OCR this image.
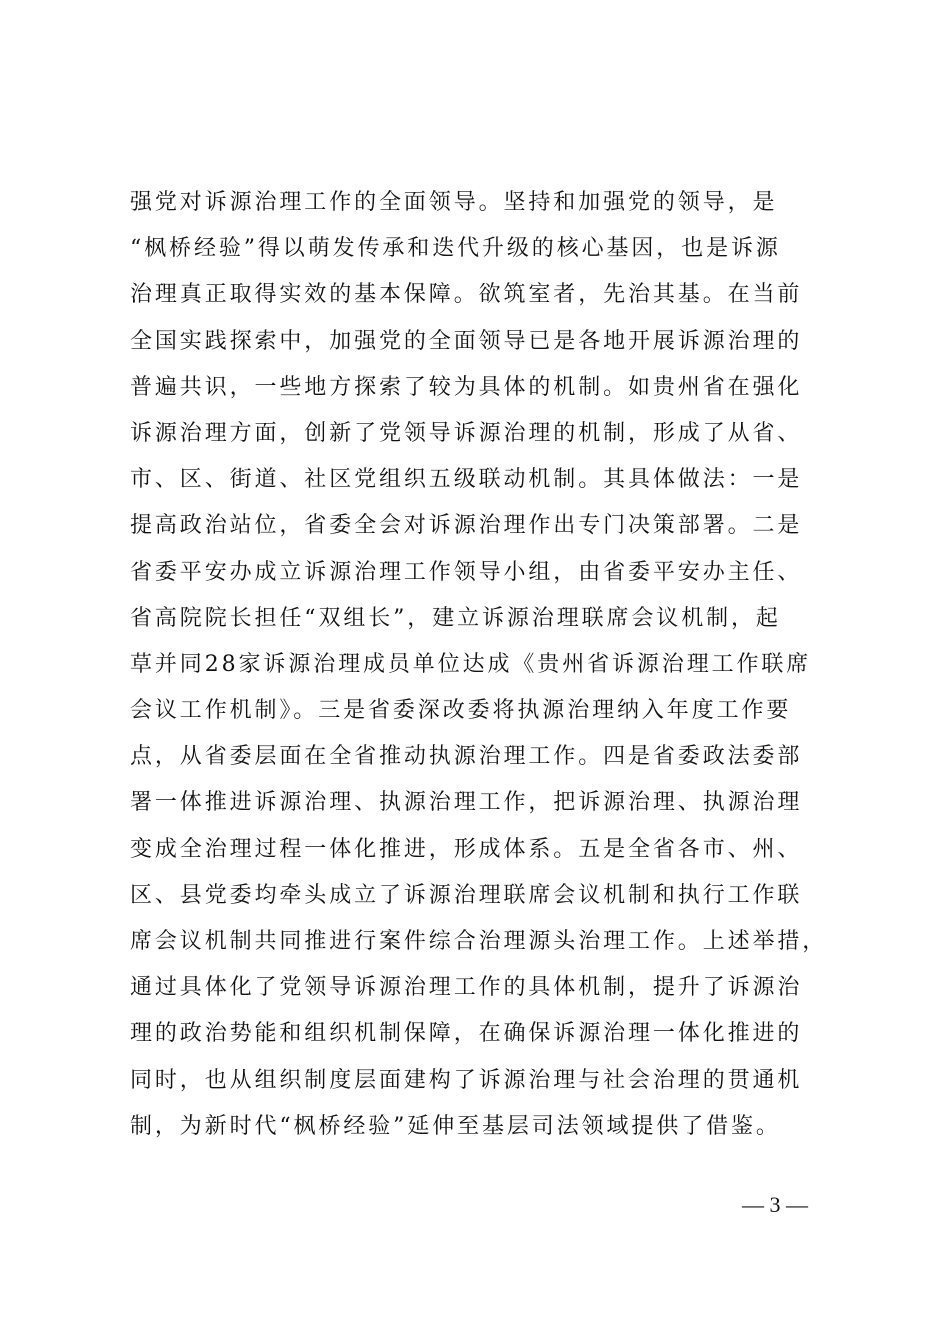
强党对诉源治理工作的全面领导。坚持和加强党的领导，是
“枫桥经验”得以萌发传承和迭代升级的核心基因，也是诉源
治理真正取得实效的基本保障。欲筑室者，先治其基。在当前
全国实践探索中，加强党的全面领导已是各地开展诉源治理的
普遍共识，一些地方探索了较为具体的机制。如贵州省在强化
诉源治理方面，创新了党领导诉源治理的机制，形成了从省、
市、区、街道、社区党组织五级联动机制。其具体做法：一是
提高政治站位，省委全会对诉源治理作出专门决策部署。二是
省委平安办成立诉源治理工作领导小组，由省委平安办主任、
省高院院长担任“双组长”，建立诉源治理联席会议机制，起
草并同28家诉源治理成员单位达成《贵州省诉源治理工作联席
会议工作机制》。三是省委深改委将执源治理纳入年度工作要
点，从省委层面在全省推动执源治理工作。四是省委政法委部
署一体推进诉源治理、执源治理工作，把诉源治理、执源治理
变成全治理过程一体化推进，形成体系。五是全省各市、州、
区、县党委均牵头成立了诉源治理联席会议机制和执行工作联
席会议机制共同推进行案件综合治理源头治理工作。上述举措，
通过具体化了党领导诉源治理工作的具体机制，提升了诉源治
理的政治势能和组织机制保障，在确保诉源治理一体化推进的
同时，也从组织制度层面建构了诉源治理与社会治理的贯通机
制，为新时代“枫桥经验”延伸至基层司法领域提供了借鉴。
— 3 —
